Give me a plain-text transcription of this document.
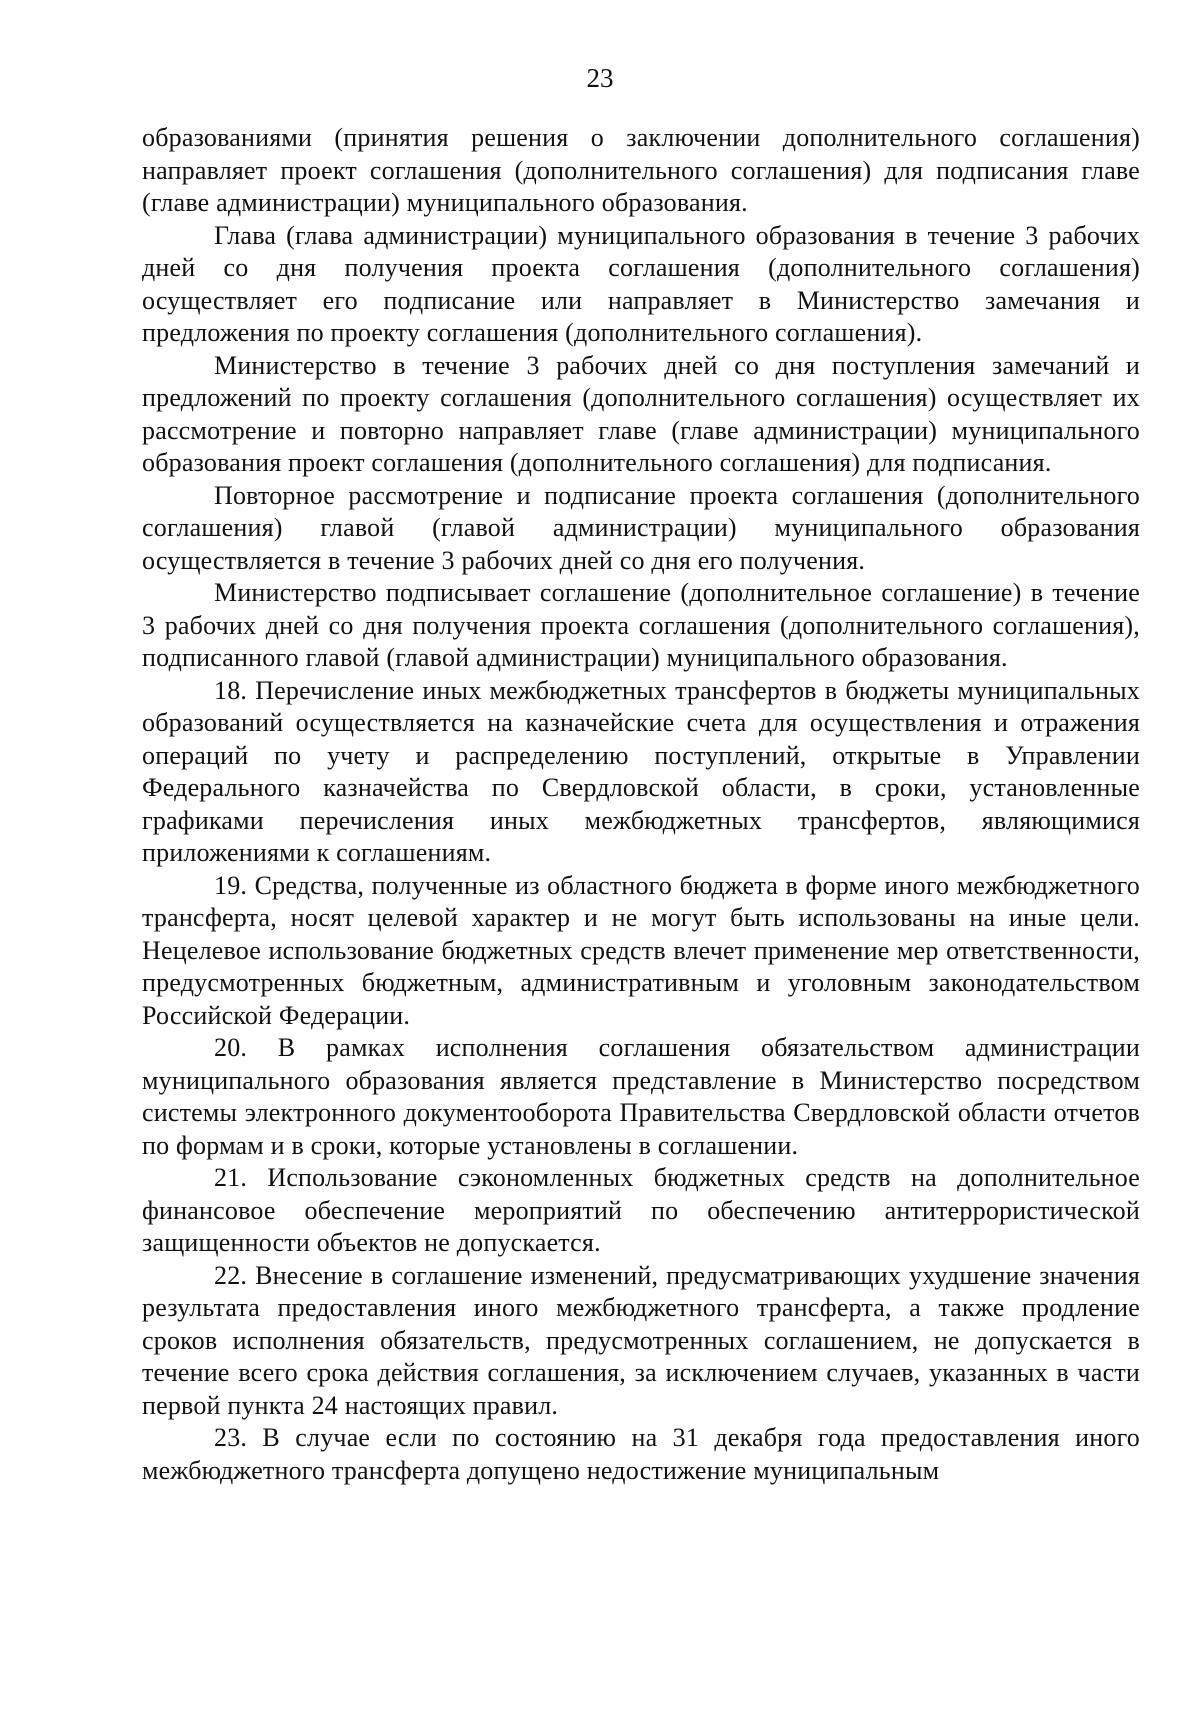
23

образованиями (принятия решения о заключении дополнительного соглашения) направляет проект соглашения (дополнительного соглашения) для подписания главе (главе администрации) муниципального образования.

Глава (глава администрации) муниципального образования в течение 3 рабочих дней со дня получения проекта соглашения (дополнительного соглашения) осуществляет его подписание или направляет в Министерство замечания и предложения по проекту соглашения (дополнительного соглашения).

Министерство в течение 3 рабочих дней со дня поступления замечаний и предложений по проекту соглашения (дополнительного соглашения) осуществляет их рассмотрение и повторно направляет главе (главе администрации) муниципального образования проект соглашения (дополнительного соглашения) для подписания.

Повторное рассмотрение и подписание проекта соглашения (дополнительного соглашения) главой (главой администрации) муниципального образования осуществляется в течение 3 рабочих дней со дня его получения.

Министерство подписывает соглашение (дополнительное соглашение) в течение 3 рабочих дней со дня получения проекта соглашения (дополнительного соглашения), подписанного главой (главой администрации) муниципального образования.

18. Перечисление иных межбюджетных трансфертов в бюджеты муниципальных образований осуществляется на казначейские счета для осуществления и отражения операций по учету и распределению поступлений, открытые в Управлении Федерального казначейства по Свердловской области, в сроки, установленные графиками перечисления иных межбюджетных трансфертов, являющимися приложениями к соглашениям.

19. Средства, полученные из областного бюджета в форме иного межбюджетного трансферта, носят целевой характер и не могут быть использованы на иные цели. Нецелевое использование бюджетных средств влечет применение мер ответственности, предусмотренных бюджетным, административным и уголовным законодательством Российской Федерации.

20. В рамках исполнения соглашения обязательством администрации муниципального образования является представление в Министерство посредством системы электронного документооборота Правительства Свердловской области отчетов по формам и в сроки, которые установлены в соглашении.

21. Использование сэкономленных бюджетных средств на дополнительное финансовое обеспечение мероприятий по обеспечению антитеррористической защищенности объектов не допускается.

22. Внесение в соглашение изменений, предусматривающих ухудшение значения результата предоставления иного межбюджетного трансферта, а также продление сроков исполнения обязательств, предусмотренных соглашением, не допускается в течение всего срока действия соглашения, за исключением случаев, указанных в части первой пункта 24 настоящих правил.

23. В случае если по состоянию на 31 декабря года предоставления иного межбюджетного трансферта допущено недостижение муниципальным
